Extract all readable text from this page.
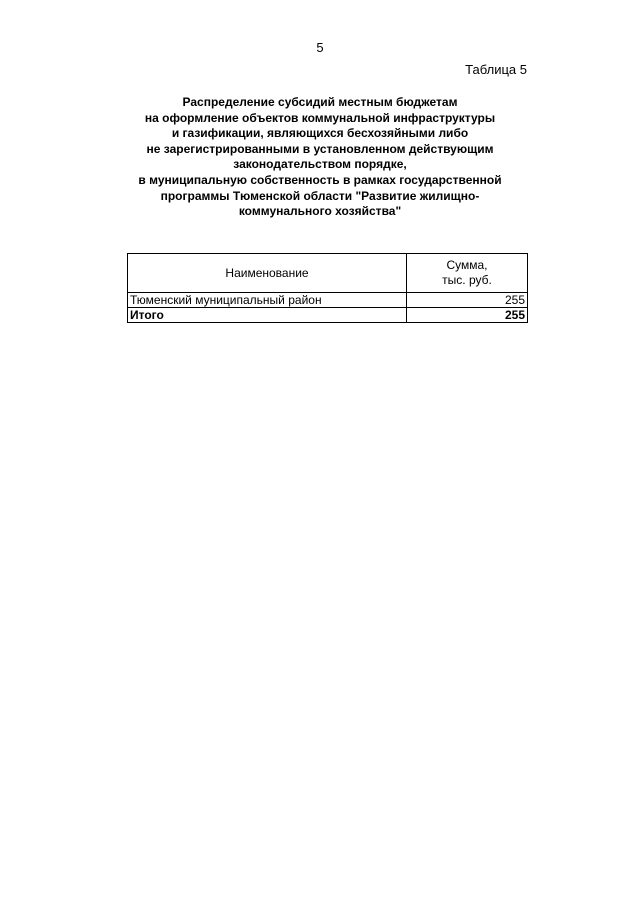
5
Таблица 5
Распределение субсидий местным бюджетам
на оформление объектов коммунальной инфраструктуры
и газификации, являющихся бесхозяйными либо
не зарегистрированными в установленном действующим
законодательством порядке,
в муниципальную собственность в рамках государственной
программы Тюменской области "Развитие жилищно-
коммунального хозяйства"
Наименование	Сумма,
тыс. руб.
Тюменский муниципальный район	255
Итого	255
